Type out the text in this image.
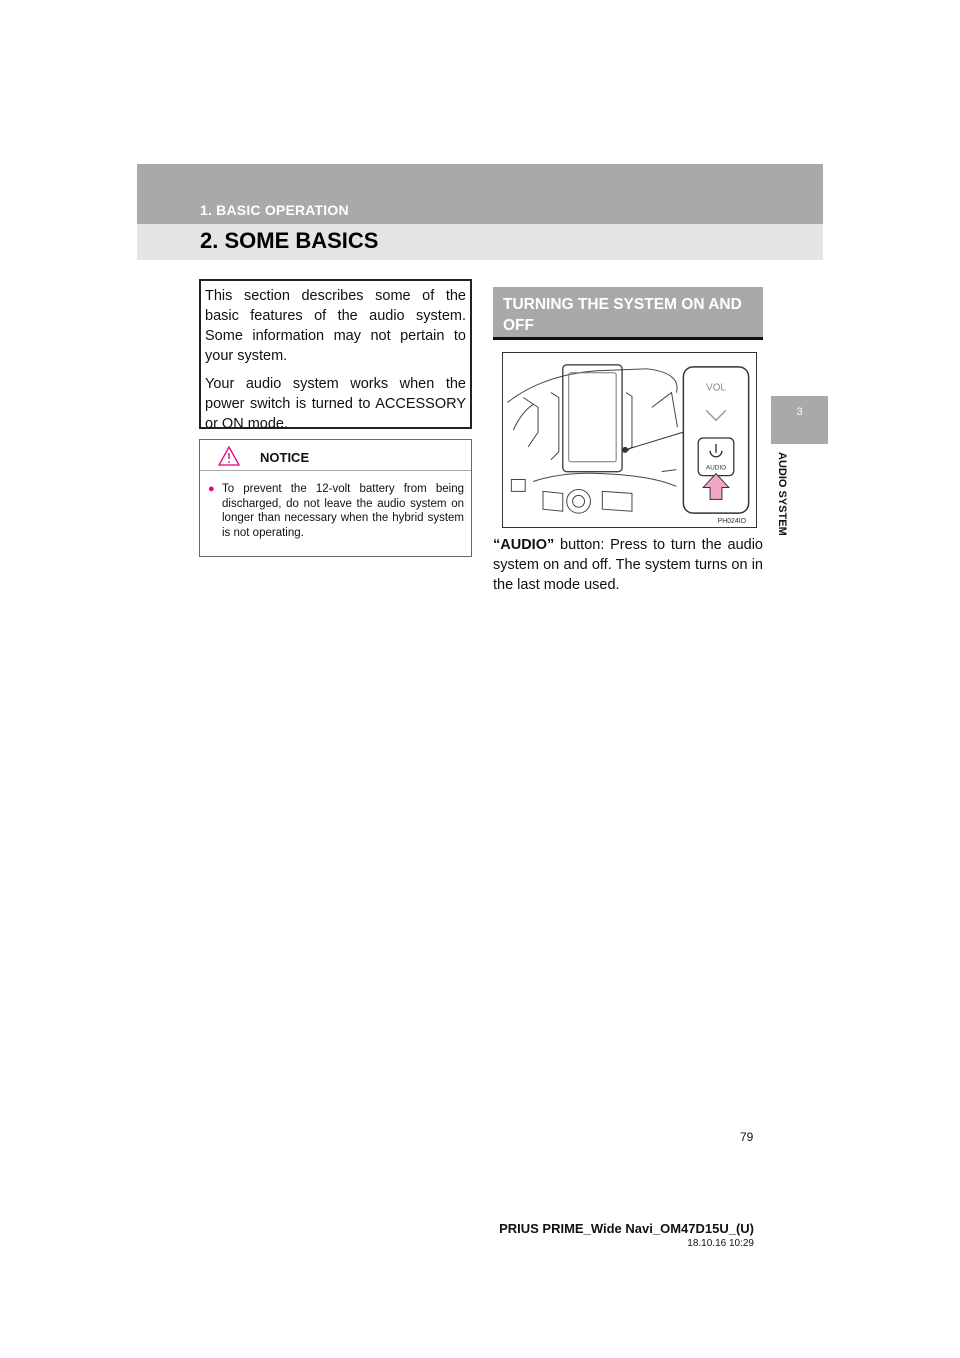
1. BASIC OPERATION
2. SOME BASICS
3
AUDIO SYSTEM

This section describes some of the basic features of the audio system. Some information may not pertain to your system.

Your audio system works when the power switch is turned to ACCESSORY or ON mode.

NOTICE
● To prevent the 12-volt battery from being discharged, do not leave the audio system on longer than necessary when the hybrid system is not operating.
TURNING THE SYSTEM ON AND OFF
VOL
AUDIO
PH024IO
“AUDIO” button: Press to turn the audio system on and off. The system turns on in the last mode used.
79
PRIUS PRIME_Wide Navi_OM47D15U_(U)
18.10.16 10:29
